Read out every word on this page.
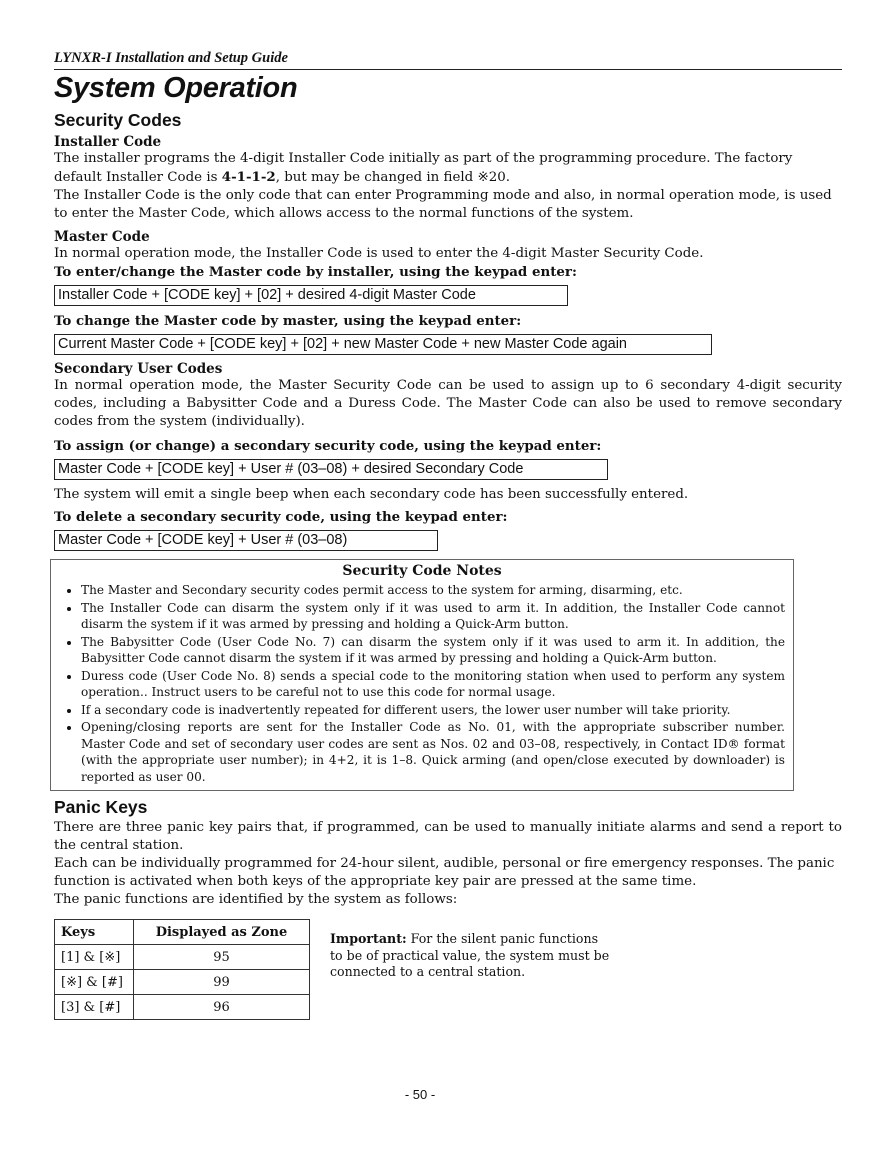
LYNXR-I Installation and Setup Guide
System Operation
Security Codes
Installer Code

The installer programs the 4-digit Installer Code initially as part of the programming procedure. The factory default Installer Code is 4-1-1-2, but may be changed in field ※20.

The Installer Code is the only code that can enter Programming mode and also, in normal operation mode, is used to enter the Master Code, which allows access to the normal functions of the system.

Master Code

In normal operation mode, the Installer Code is used to enter the 4-digit Master Security Code.

To enter/change the Master code by installer, using the keypad enter:

Installer Code + [CODE key] + [02] + desired 4-digit Master Code

To change the Master code by master, using the keypad enter:

Current Master Code + [CODE key] + [02] + new Master Code + new Master Code again
Secondary User Codes

In normal operation mode, the Master Security Code can be used to assign up to 6 secondary 4-digit security codes, including a Babysitter Code and a Duress Code. The Master Code can also be used to remove secondary codes from the system (individually).

To assign (or change) a secondary security code, using the keypad enter:

Master Code + [CODE key] + User # (03–08) + desired Secondary Code

The system will emit a single beep when each secondary code has been successfully entered.

To delete a secondary security code, using the keypad enter:

Master Code + [CODE key] + User # (03–08)
Security Code Notes
• The Master and Secondary security codes permit access to the system for arming, disarming, etc.
• The Installer Code can disarm the system only if it was used to arm it. In addition, the Installer Code cannot disarm the system if it was armed by pressing and holding a Quick-Arm button.
• The Babysitter Code (User Code No. 7) can disarm the system only if it was used to arm it. In addition, the Babysitter Code cannot disarm the system if it was armed by pressing and holding a Quick-Arm button.
• Duress code (User Code No. 8) sends a special code to the monitoring station when used to perform any system operation.. Instruct users to be careful not to use this code for normal usage.
• If a secondary code is inadvertently repeated for different users, the lower user number will take priority.
• Opening/closing reports are sent for the Installer Code as No. 01, with the appropriate subscriber number. Master Code and set of secondary user codes are sent as Nos. 02 and 03–08, respectively, in Contact ID® format (with the appropriate user number); in 4+2, it is 1–8. Quick arming (and open/close executed by downloader) is reported as user 00.
Panic Keys

There are three panic key pairs that, if programmed, can be used to manually initiate alarms and send a report to the central station.

Each can be individually programmed for 24-hour silent, audible, personal or fire emergency responses. The panic function is activated when both keys of the appropriate key pair are pressed at the same time.

The panic functions are identified by the system as follows:

Keys	Displayed as Zone
[1] & [※]	95
[※] & [#]	99
[3] & [#]	96

Important: For the silent panic functions to be of practical value, the system must be connected to a central station.

- 50 -
